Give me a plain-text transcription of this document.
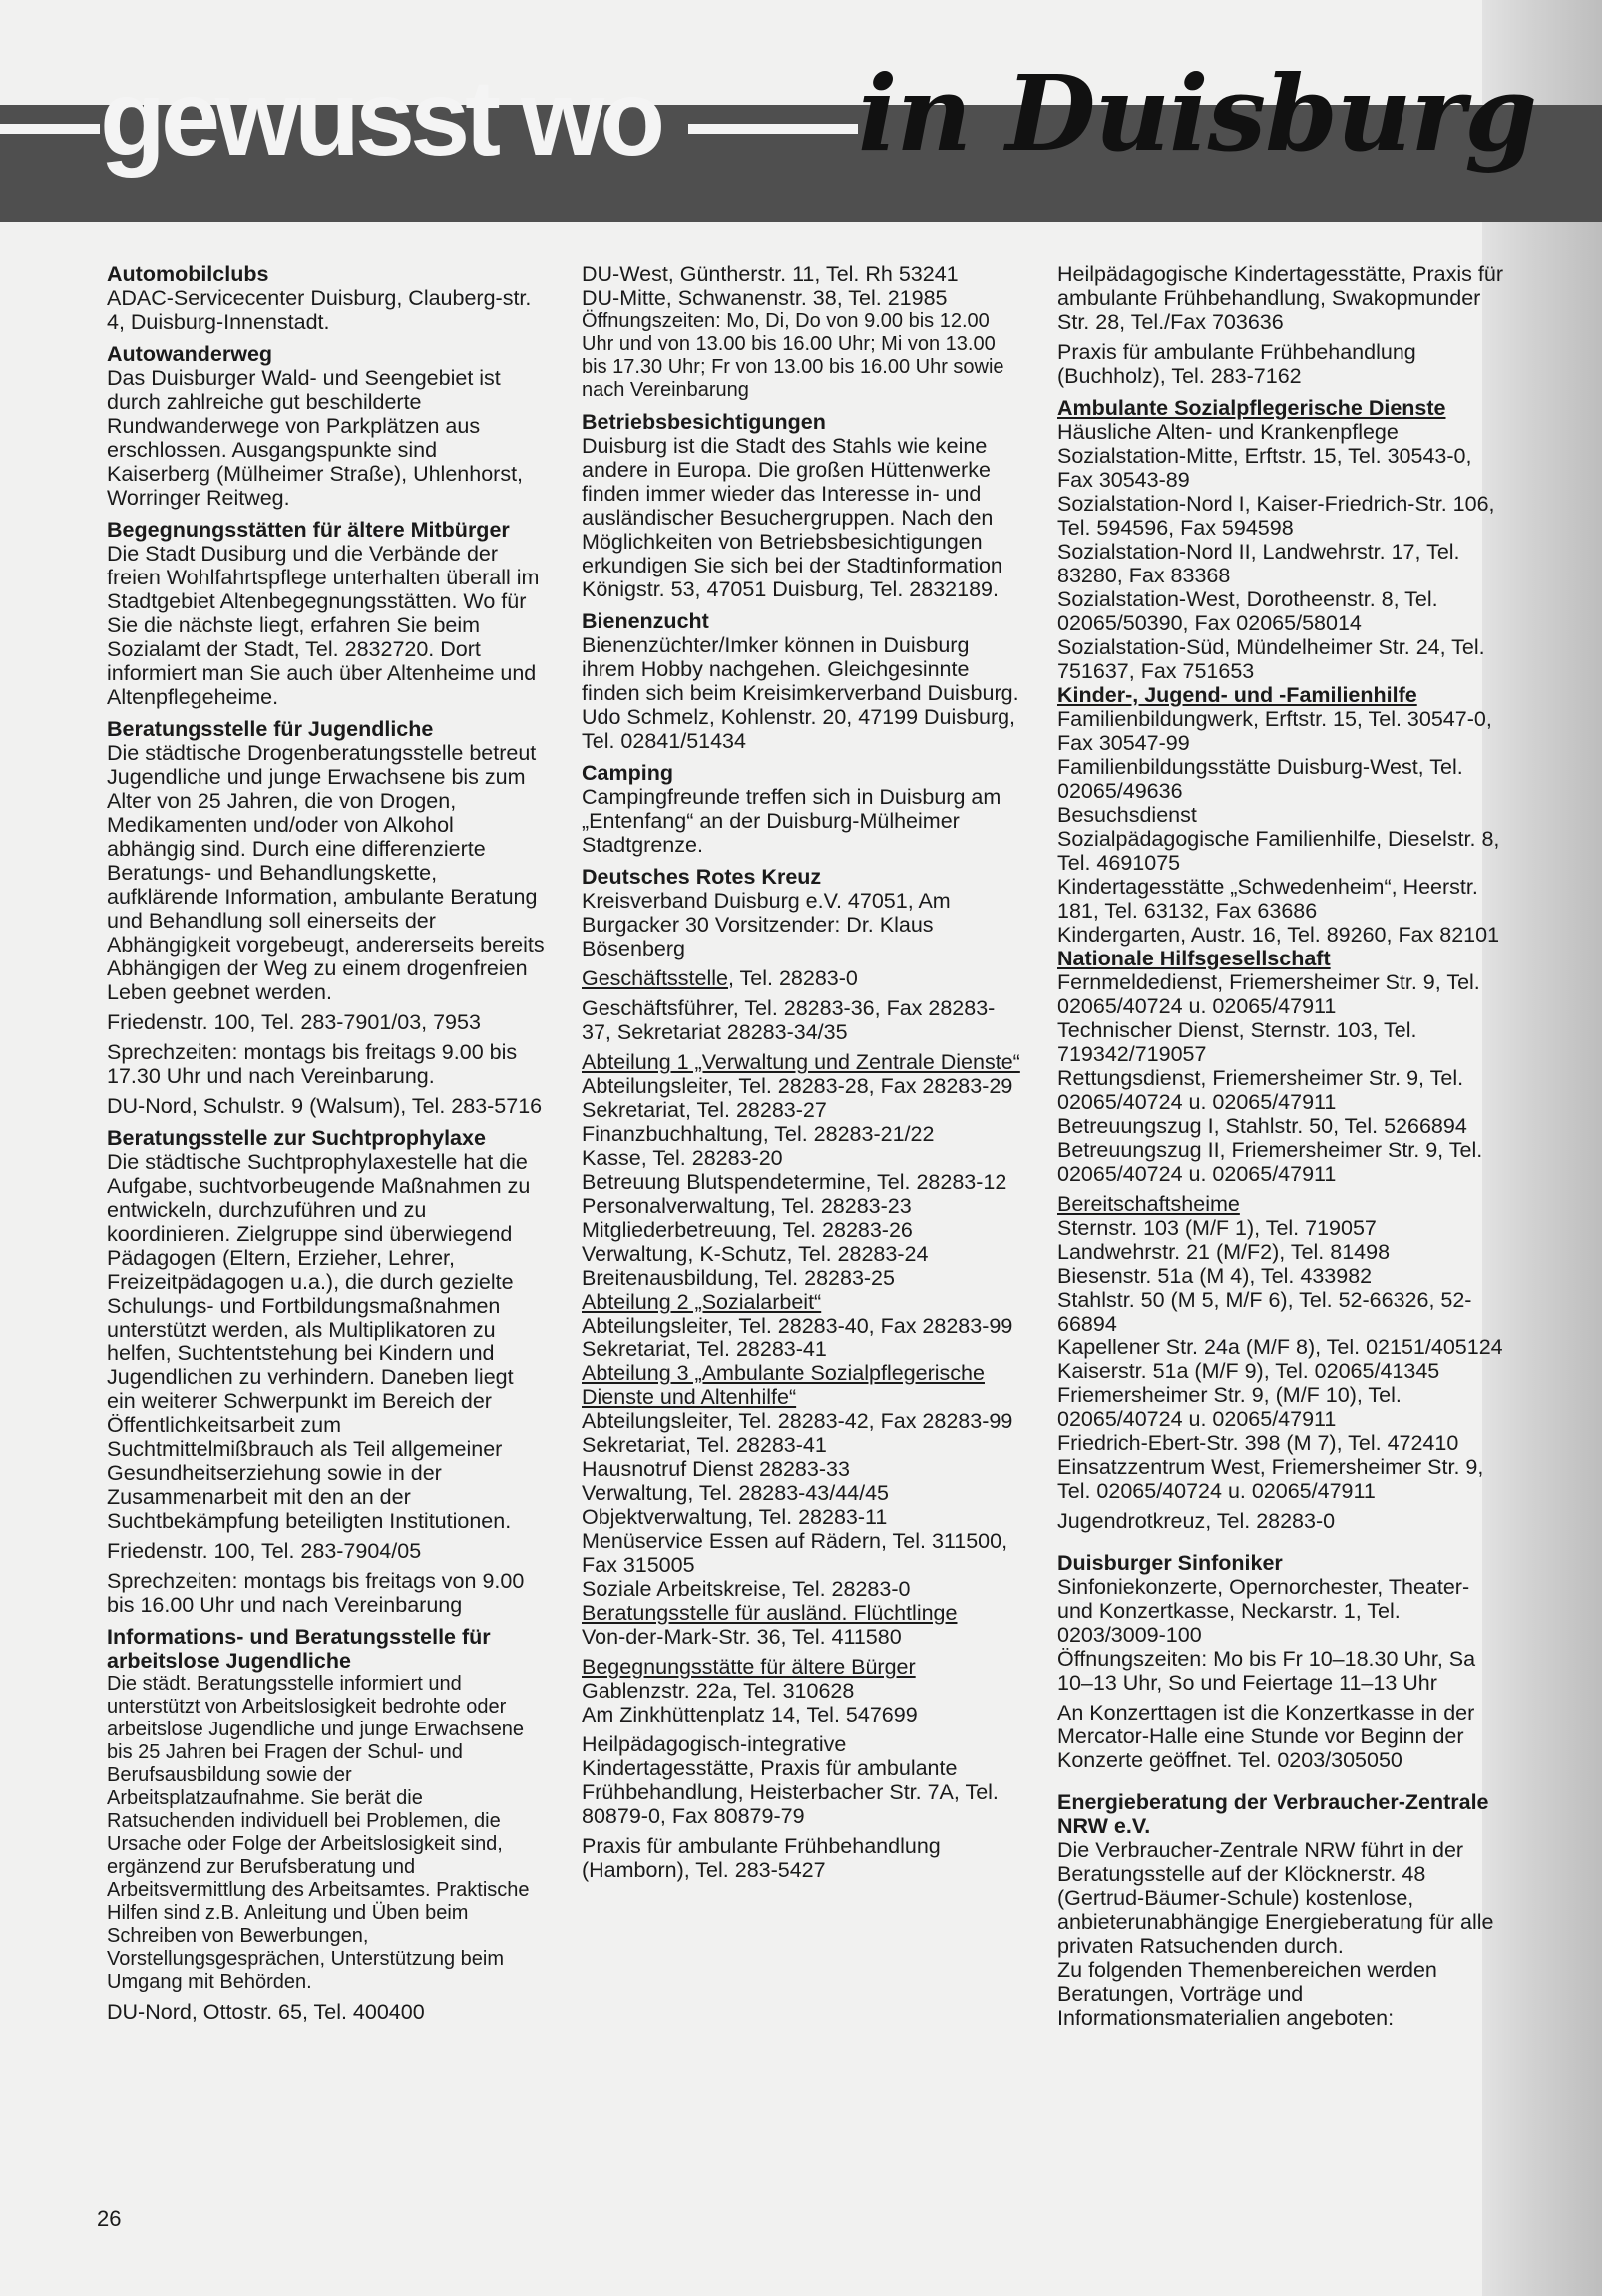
gewusst wo in Duisburg

Automobilclubs

ADAC-Servicecenter Duisburg, Clauberg-str. 4, Duisburg-Innenstadt.

Autowanderweg

Das Duisburger Wald- und Seengebiet ist durch zahlreiche gut beschilderte Rundwanderwege von Parkplätzen aus erschlossen. Ausgangspunkte sind Kaiserberg (Mülheimer Straße), Uhlenhorst, Worringer Reitweg.

Begegnungsstätten für ältere Mitbürger

Die Stadt Dusiburg und die Verbände der freien Wohlfahrtspflege unterhalten überall im Stadtgebiet Altenbegegnungsstätten. Wo für Sie die nächste liegt, erfahren Sie beim Sozialamt der Stadt, Tel. 2832720. Dort informiert man Sie auch über Altenheime und Altenpflegeheime.

Beratungsstelle für Jugendliche

Die städtische Drogenberatungsstelle betreut Jugendliche und junge Erwachsene bis zum Alter von 25 Jahren, die von Drogen, Medikamenten und/oder von Alkohol abhängig sind. Durch eine differenzierte Beratungs- und Behandlungskette, aufklärende Information, ambulante Beratung und Behandlung soll einerseits der Abhängigkeit vorgebeugt, andererseits bereits Abhängigen der Weg zu einem drogenfreien Leben geebnet werden.

Friedenstr. 100, Tel. 283-7901/03, 7953

Sprechzeiten: montags bis freitags 9.00 bis 17.30 Uhr und nach Vereinbarung.

DU-Nord, Schulstr. 9 (Walsum), Tel. 283-5716

Beratungsstelle zur Suchtprophylaxe

Die städtische Suchtprophylaxestelle hat die Aufgabe, suchtvorbeugende Maßnahmen zu entwickeln, durchzuführen und zu koordinieren. Zielgruppe sind überwiegend Pädagogen (Eltern, Erzieher, Lehrer, Freizeitpädagogen u.a.), die durch gezielte Schulungs- und Fortbildungsmaßnahmen unterstützt werden, als Multiplikatoren zu helfen, Suchtentstehung bei Kindern und Jugendlichen zu verhindern. Daneben liegt ein weiterer Schwerpunkt im Bereich der Öffentlichkeitsarbeit zum Suchtmittelmißbrauch als Teil allgemeiner Gesundheitserziehung sowie in der Zusammenarbeit mit den an der Suchtbekämpfung beteiligten Institutionen.

Friedenstr. 100, Tel. 283-7904/05

Sprechzeiten: montags bis freitags von 9.00 bis 16.00 Uhr und nach Vereinbarung

Informations- und Beratungsstelle für arbeitslose Jugendliche

Die städt. Beratungsstelle informiert und unterstützt von Arbeitslosigkeit bedrohte oder arbeitslose Jugendliche und junge Erwachsene bis 25 Jahren bei Fragen der Schul- und Berufsausbildung sowie der Arbeitsplatzaufnahme. Sie berät die Ratsuchenden individuell bei Problemen, die Ursache oder Folge der Arbeitslosigkeit sind, ergänzend zur Berufsberatung und Arbeitsvermittlung des Arbeitsamtes. Praktische Hilfen sind z.B. Anleitung und Üben beim Schreiben von Bewerbungen, Vorstellungsgesprächen, Unterstützung beim Umgang mit Behörden.

DU-Nord, Ottostr. 65, Tel. 400400

DU-West, Güntherstr. 11, Tel. Rh 53241

DU-Mitte, Schwanenstr. 38, Tel. 21985

Öffnungszeiten: Mo, Di, Do von 9.00 bis 12.00 Uhr und von 13.00 bis 16.00 Uhr; Mi von 13.00 bis 17.30 Uhr; Fr von 13.00 bis 16.00 Uhr sowie nach Vereinbarung

Betriebsbesichtigungen

Duisburg ist die Stadt des Stahls wie keine andere in Europa. Die großen Hüttenwerke finden immer wieder das Interesse in- und ausländischer Besuchergruppen. Nach den Möglichkeiten von Betriebsbesichtigungen erkundigen Sie sich bei der Stadtinformation Königstr. 53, 47051 Duisburg, Tel. 2832189.

Bienenzucht

Bienenzüchter/Imker können in Duisburg ihrem Hobby nachgehen. Gleichgesinnte finden sich beim Kreisimkerverband Duisburg. Udo Schmelz, Kohlenstr. 20, 47199 Duisburg, Tel. 02841/51434

Camping

Campingfreunde treffen sich in Duisburg am „Entenfang“ an der Duisburg-Mülheimer Stadtgrenze.

Deutsches Rotes Kreuz

Kreisverband Duisburg e.V. 47051, Am Burgacker 30 Vorsitzender: Dr. Klaus Bösenberg

Geschäftsstelle, Tel. 28283-0

Geschäftsführer, Tel. 28283-36, Fax 28283-37, Sekretariat 28283-34/35

Abteilung 1 „Verwaltung und Zentrale Dienste“

Abteilungsleiter, Tel. 28283-28, Fax 28283-29

Sekretariat, Tel. 28283-27

Finanzbuchhaltung, Tel. 28283-21/22

Kasse, Tel. 28283-20

Betreuung Blutspendetermine, Tel. 28283-12

Personalverwaltung, Tel. 28283-23

Mitgliederbetreuung, Tel. 28283-26

Verwaltung, K-Schutz, Tel. 28283-24

Breitenausbildung, Tel. 28283-25

Abteilung 2 „Sozialarbeit“

Abteilungsleiter, Tel. 28283-40, Fax 28283-99

Sekretariat, Tel. 28283-41

Abteilung 3 „Ambulante Sozialpflegerische Dienste und Altenhilfe“

Abteilungsleiter, Tel. 28283-42, Fax 28283-99

Sekretariat, Tel. 28283-41

Hausnotruf Dienst 28283-33

Verwaltung, Tel. 28283-43/44/45

Objektverwaltung, Tel. 28283-11

Menüservice Essen auf Rädern, Tel. 311500, Fax 315005

Soziale Arbeitskreise, Tel. 28283-0

Beratungsstelle für ausländ. Flüchtlinge

Von-der-Mark-Str. 36, Tel. 411580

Begegnungsstätte für ältere Bürger

Gablenzstr. 22a, Tel. 310628

Am Zinkhüttenplatz 14, Tel. 547699

Heilpädagogisch-integrative Kindertagesstätte, Praxis für ambulante Frühbehandlung, Heisterbacher Str. 7A, Tel. 80879-0, Fax 80879-79

Praxis für ambulante Frühbehandlung (Hamborn), Tel. 283-5427

Heilpädagogische Kindertagesstätte, Praxis für ambulante Frühbehandlung, Swakopmunder Str. 28, Tel./Fax 703636

Praxis für ambulante Frühbehandlung (Buchholz), Tel. 283-7162

Ambulante Sozialpflegerische Dienste

Häusliche Alten- und Krankenpflege

Sozialstation-Mitte, Erftstr. 15, Tel. 30543-0, Fax 30543-89

Sozialstation-Nord I, Kaiser-Friedrich-Str. 106, Tel. 594596, Fax 594598

Sozialstation-Nord II, Landwehrstr. 17, Tel. 83280, Fax 83368

Sozialstation-West, Dorotheenstr. 8, Tel. 02065/50390, Fax 02065/58014

Sozialstation-Süd, Mündelheimer Str. 24, Tel. 751637, Fax 751653

Kinder-, Jugend- und -Familienhilfe

Familienbildungwerk, Erftstr. 15, Tel. 30547-0, Fax 30547-99

Familienbildungsstätte Duisburg-West, Tel. 02065/49636

Besuchsdienst

Sozialpädagogische Familienhilfe, Dieselstr. 8, Tel. 4691075

Kindertagesstätte „Schwedenheim“, Heerstr. 181, Tel. 63132, Fax 63686

Kindergarten, Austr. 16, Tel. 89260, Fax 82101

Nationale Hilfsgesellschaft

Fernmeldedienst, Friemersheimer Str. 9, Tel. 02065/40724 u. 02065/47911

Technischer Dienst, Sternstr. 103, Tel. 719342/719057

Rettungsdienst, Friemersheimer Str. 9, Tel. 02065/40724 u. 02065/47911

Betreuungszug I, Stahlstr. 50, Tel. 5266894

Betreuungszug II, Friemersheimer Str. 9, Tel. 02065/40724 u. 02065/47911

Bereitschaftsheime

Sternstr. 103 (M/F 1), Tel. 719057

Landwehrstr. 21 (M/F2), Tel. 81498

Biesenstr. 51a (M 4), Tel. 433982

Stahlstr. 50 (M 5, M/F 6), Tel. 52-66326, 52-66894

Kapellener Str. 24a (M/F 8), Tel. 02151/405124

Kaiserstr. 51a (M/F 9), Tel. 02065/41345

Friemersheimer Str. 9, (M/F 10), Tel. 02065/40724 u. 02065/47911

Friedrich-Ebert-Str. 398 (M 7), Tel. 472410

Einsatzzentrum West, Friemersheimer Str. 9, Tel. 02065/40724 u. 02065/47911

Jugendrotkreuz, Tel. 28283-0

Duisburger Sinfoniker

Sinfoniekonzerte, Opernorchester, Theater- und Konzertkasse, Neckarstr. 1, Tel. 0203/3009-100

Öffnungszeiten: Mo bis Fr 10–18.30 Uhr, Sa 10–13 Uhr, So und Feiertage 11–13 Uhr

An Konzerttagen ist die Konzertkasse in der Mercator-Halle eine Stunde vor Beginn der Konzerte geöffnet. Tel. 0203/305050

Energieberatung der Verbraucher-Zentrale NRW e.V.

Die Verbraucher-Zentrale NRW führt in der Beratungsstelle auf der Klöcknerstr. 48 (Gertrud-Bäumer-Schule) kostenlose, anbieterunabhängige Energieberatung für alle privaten Ratsuchenden durch.

Zu folgenden Themenbereichen werden Beratungen, Vorträge und Informationsmaterialien angeboten:

26
